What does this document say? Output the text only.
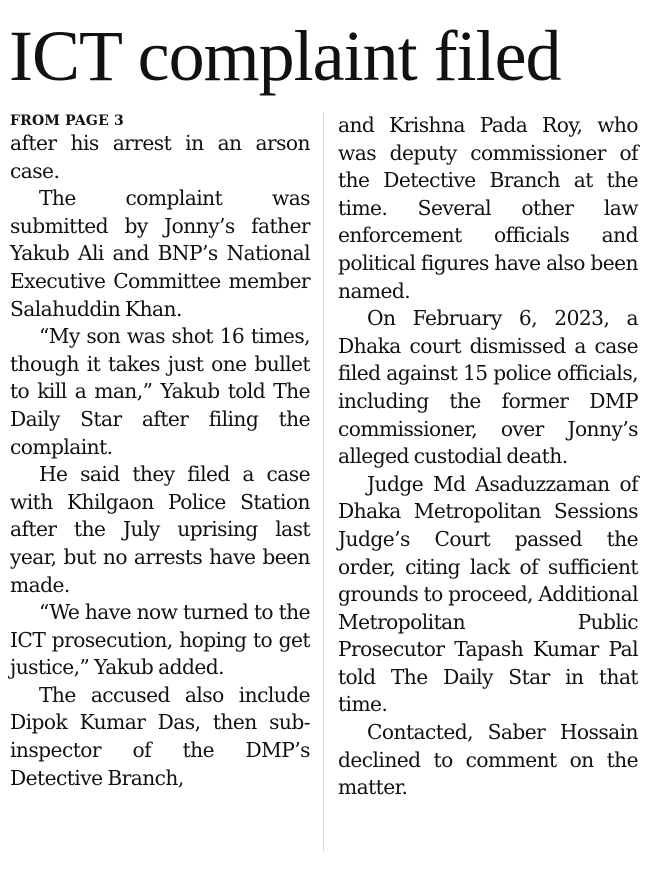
ICT complaint filed

FROM PAGE 3

after his arrest in an arson case.

The complaint was submitted by Jonny’s father Yakub Ali and BNP’s National Executive Committee member Salahuddin Khan.

“My son was shot 16 times, though it takes just one bullet to kill a man,” Yakub told The Daily Star after filing the complaint.

He said they filed a case with Khilgaon Police Station after the July uprising last year, but no arrests have been made.

“We have now turned to the ICT prosecution, hoping to get justice,” Yakub added.

The accused also include Dipok Kumar Das, then sub-inspector of the DMP’s Detective Branch,

and Krishna Pada Roy, who was deputy commissioner of the Detective Branch at the time. Several other law enforcement officials and political figures have also been named.

On February 6, 2023, a Dhaka court dismissed a case filed against 15 police officials, including the former DMP commissioner, over Jonny’s alleged custodial death.

Judge Md Asaduzzaman of Dhaka Metropolitan Sessions Judge’s Court passed the order, citing lack of sufficient grounds to proceed, Additional Metropolitan Public Prosecutor Tapash Kumar Pal told The Daily Star in that time.

Contacted, Saber Hossain declined to comment on the matter.
